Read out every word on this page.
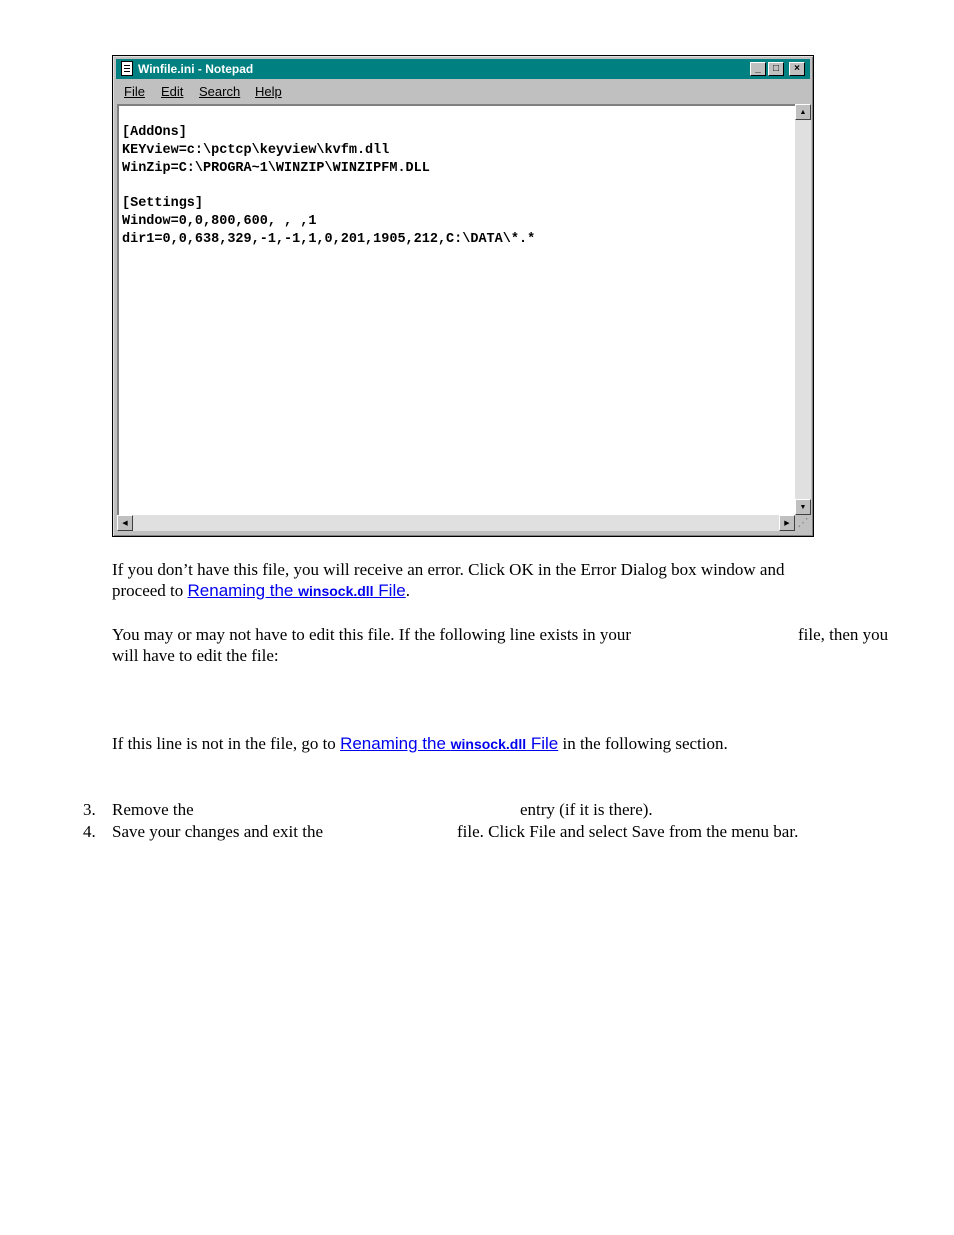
Winfile.ini - Notepad	_	□	×
File Edit Search Help
[AddOns]
KEYview=c:\pctcp\keyview\kvfm.dll
WinZip=C:\PROGRA~1\WINZIP\WINZIPFM.DLL

[Settings]
Window=0,0,800,600, , ,1
dir1=0,0,638,329,-1,-1,1,0,201,1905,212,C:\DATA\*.*
▲
▼
◀	▶ ⋰
If you don’t have this file, you will receive an error. Click OK in the Error Dialog box window and
proceed to Renaming the winsock.dll File.
You may or may not have to edit this file. If the following line exists in your	file, then you
will have to edit the file:
If this line is not in the file, go to Renaming the winsock.dll File in the following section.
3. Remove the	entry (if it is there).
4. Save your changes and exit the	file. Click File and select Save from the menu bar.
